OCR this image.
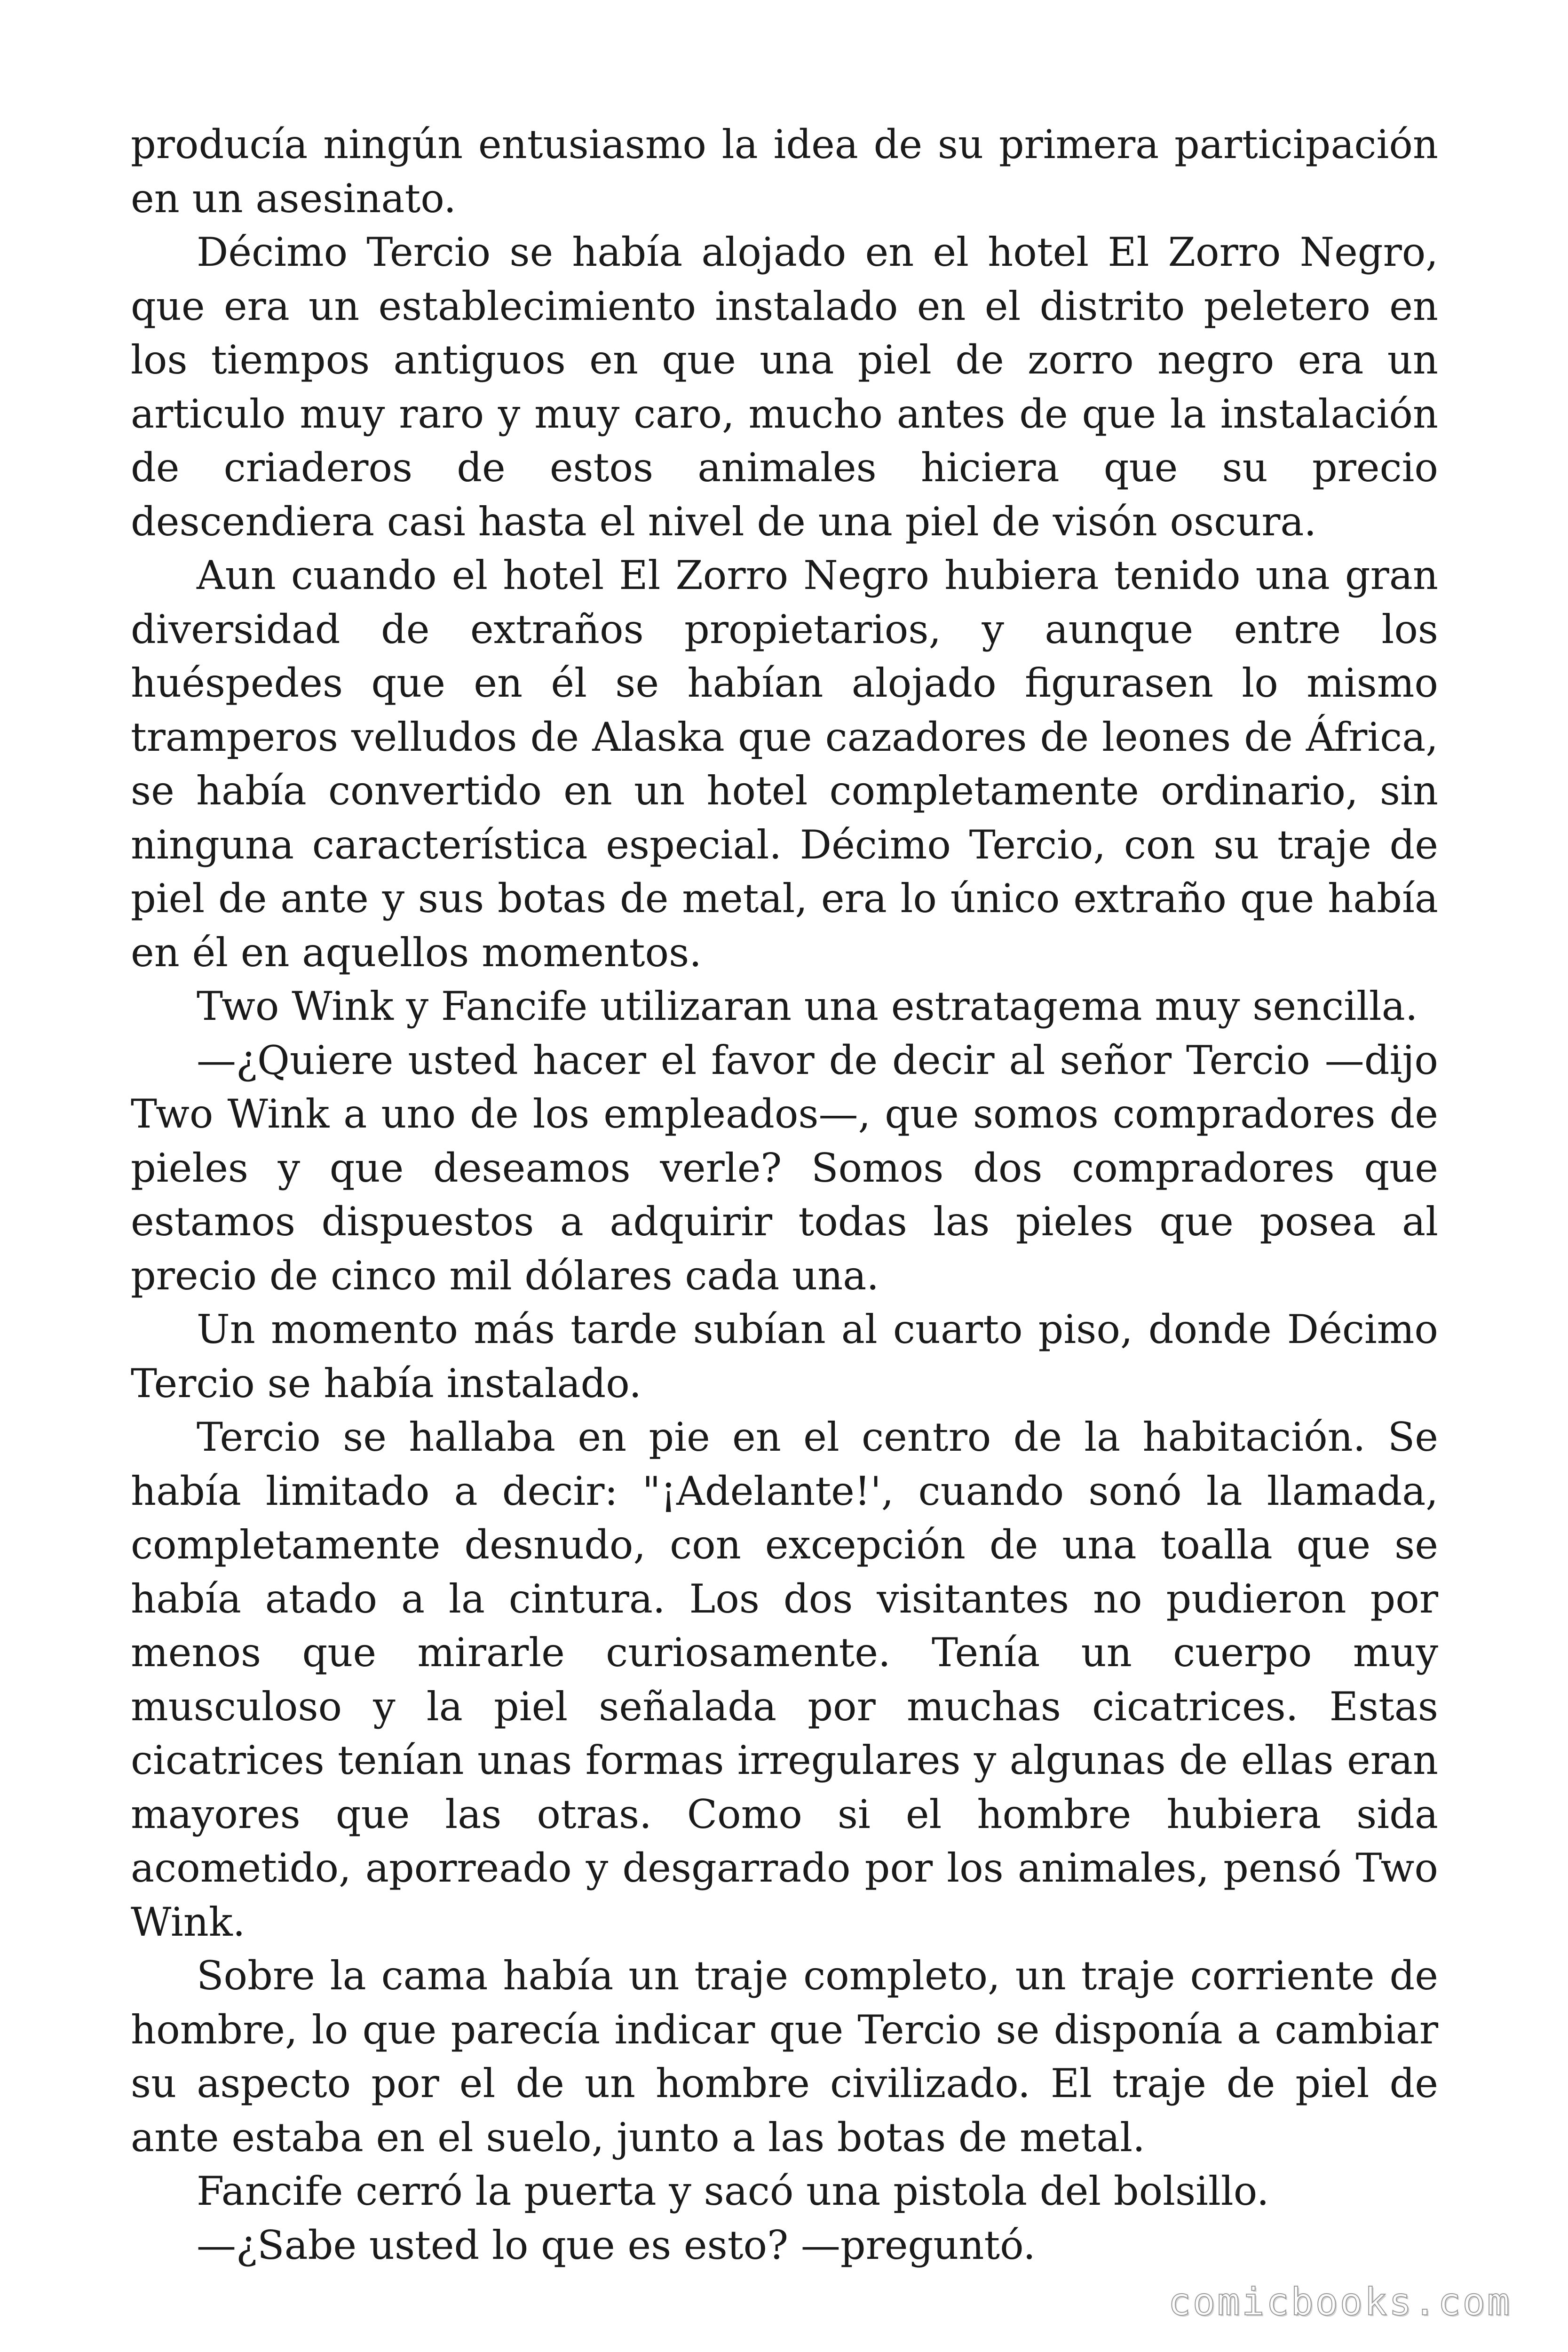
producía ningún entusiasmo la idea de su primera participación en un asesinato.

Décimo Tercio se había alojado en el hotel El Zorro Negro, que era un establecimiento instalado en el distrito peletero en los tiempos antiguos en que una piel de zorro negro era un articulo muy raro y muy caro, mucho antes de que la instalación de criaderos de estos animales hiciera que su precio descendiera casi hasta el nivel de una piel de visón oscura.

Aun cuando el hotel El Zorro Negro hubiera tenido una gran diversidad de extraños propietarios, y aunque entre los huéspedes que en él se habían alojado figurasen lo mismo tramperos velludos de Alaska que cazadores de leones de África, se había convertido en un hotel completamente ordinario, sin ninguna característica especial. Décimo Tercio, con su traje de piel de ante y sus botas de metal, era lo único extraño que había en él en aquellos momentos.

Two Wink y Fancife utilizaran una estratagema muy sencilla.

—¿Quiere usted hacer el favor de decir al señor Tercio —dijo Two Wink a uno de los empleados—, que somos compradores de pieles y que deseamos verle? Somos dos compradores que estamos dispuestos a adquirir todas las pieles que posea al precio de cinco mil dólares cada una.

Un momento más tarde subían al cuarto piso, donde Décimo Tercio se había instalado.

Tercio se hallaba en pie en el centro de la habitación. Se había limitado a decir: "¡Adelante!', cuando sonó la llamada, completamente desnudo, con excepción de una toalla que se había atado a la cintura. Los dos visitantes no pudieron por menos que mirarle curiosamente. Tenía un cuerpo muy musculoso y la piel señalada por muchas cicatrices. Estas cicatrices tenían unas formas irregulares y algunas de ellas eran mayores que las otras. Como si el hombre hubiera sida acometido, aporreado y desgarrado por los animales, pensó Two Wink.

Sobre la cama había un traje completo, un traje corriente de hombre, lo que parecía indicar que Tercio se disponía a cambiar su aspecto por el de un hombre civilizado. El traje de piel de ante estaba en el suelo, junto a las botas de metal.

Fancife cerró la puerta y sacó una pistola del bolsillo.

—¿Sabe usted lo que es esto? —preguntó.

comicbooks.com
